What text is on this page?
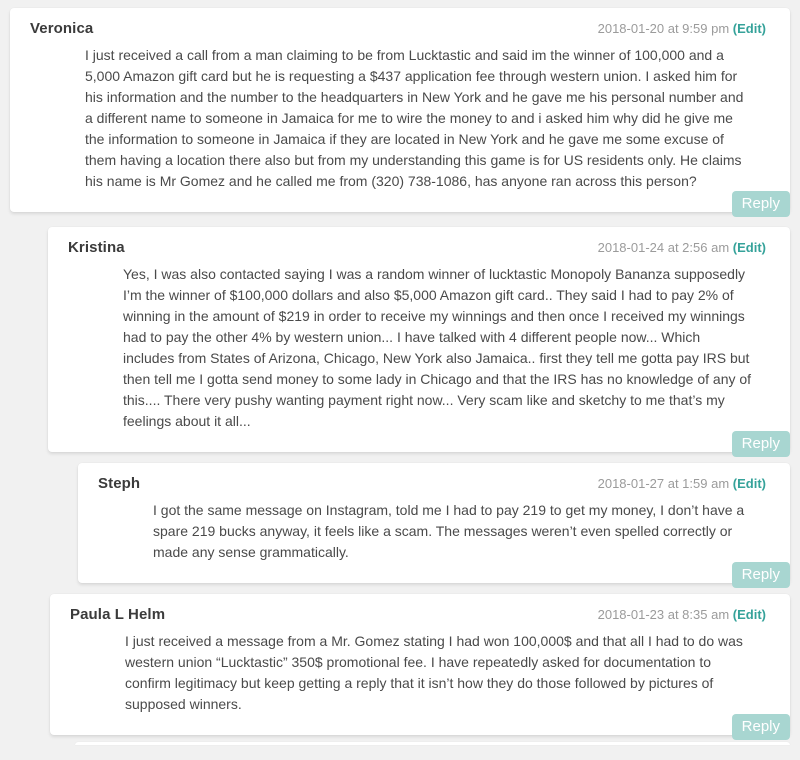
Veronica	2018-01-20 at 9:59 pm (Edit)

I just received a call from a man claiming to be from Lucktastic and said im the winner of 100,000 and a 5,000 Amazon gift card but he is requesting a $437 application fee through western union. I asked him for his information and the number to the headquarters in New York and he gave me his personal number and a different name to someone in Jamaica for me to wire the money to and i asked him why did he give me the information to someone in Jamaica if they are located in New York and he gave me some excuse of them having a location there also but from my understanding this game is for US residents only. He claims his name is Mr Gomez and he called me from (320) 738-1086, has anyone ran across this person?

Reply
Kristina	2018-01-24 at 2:56 am (Edit)

Yes, I was also contacted saying I was a random winner of lucktastic Monopoly Bananza supposedly I’m the winner of $100,000 dollars and also $5,000 Amazon gift card.. They said I had to pay 2% of winning in the amount of $219 in order to receive my winnings and then once I received my winnings had to pay the other 4% by western union... I have talked with 4 different people now... Which includes from States of Arizona, Chicago, New York also Jamaica.. first they tell me gotta pay IRS but then tell me I gotta send money to some lady in Chicago and that the IRS has no knowledge of any of this.... There very pushy wanting payment right now... Very scam like and sketchy to me that’s my feelings about it all...

Reply
Steph	2018-01-27 at 1:59 am (Edit)

I got the same message on Instagram, told me I had to pay 219 to get my money, I don’t have a spare 219 bucks anyway, it feels like a scam. The messages weren’t even spelled correctly or made any sense grammatically.

Reply
Paula L Helm	2018-01-23 at 8:35 am (Edit)

I just received a message from a Mr. Gomez stating I had won 100,000$ and that all I had to do was western union “Lucktastic” 350$ promotional fee. I have repeatedly asked for documentation to confirm legitimacy but keep getting a reply that it isn’t how they do those followed by pictures of supposed winners.

Reply
